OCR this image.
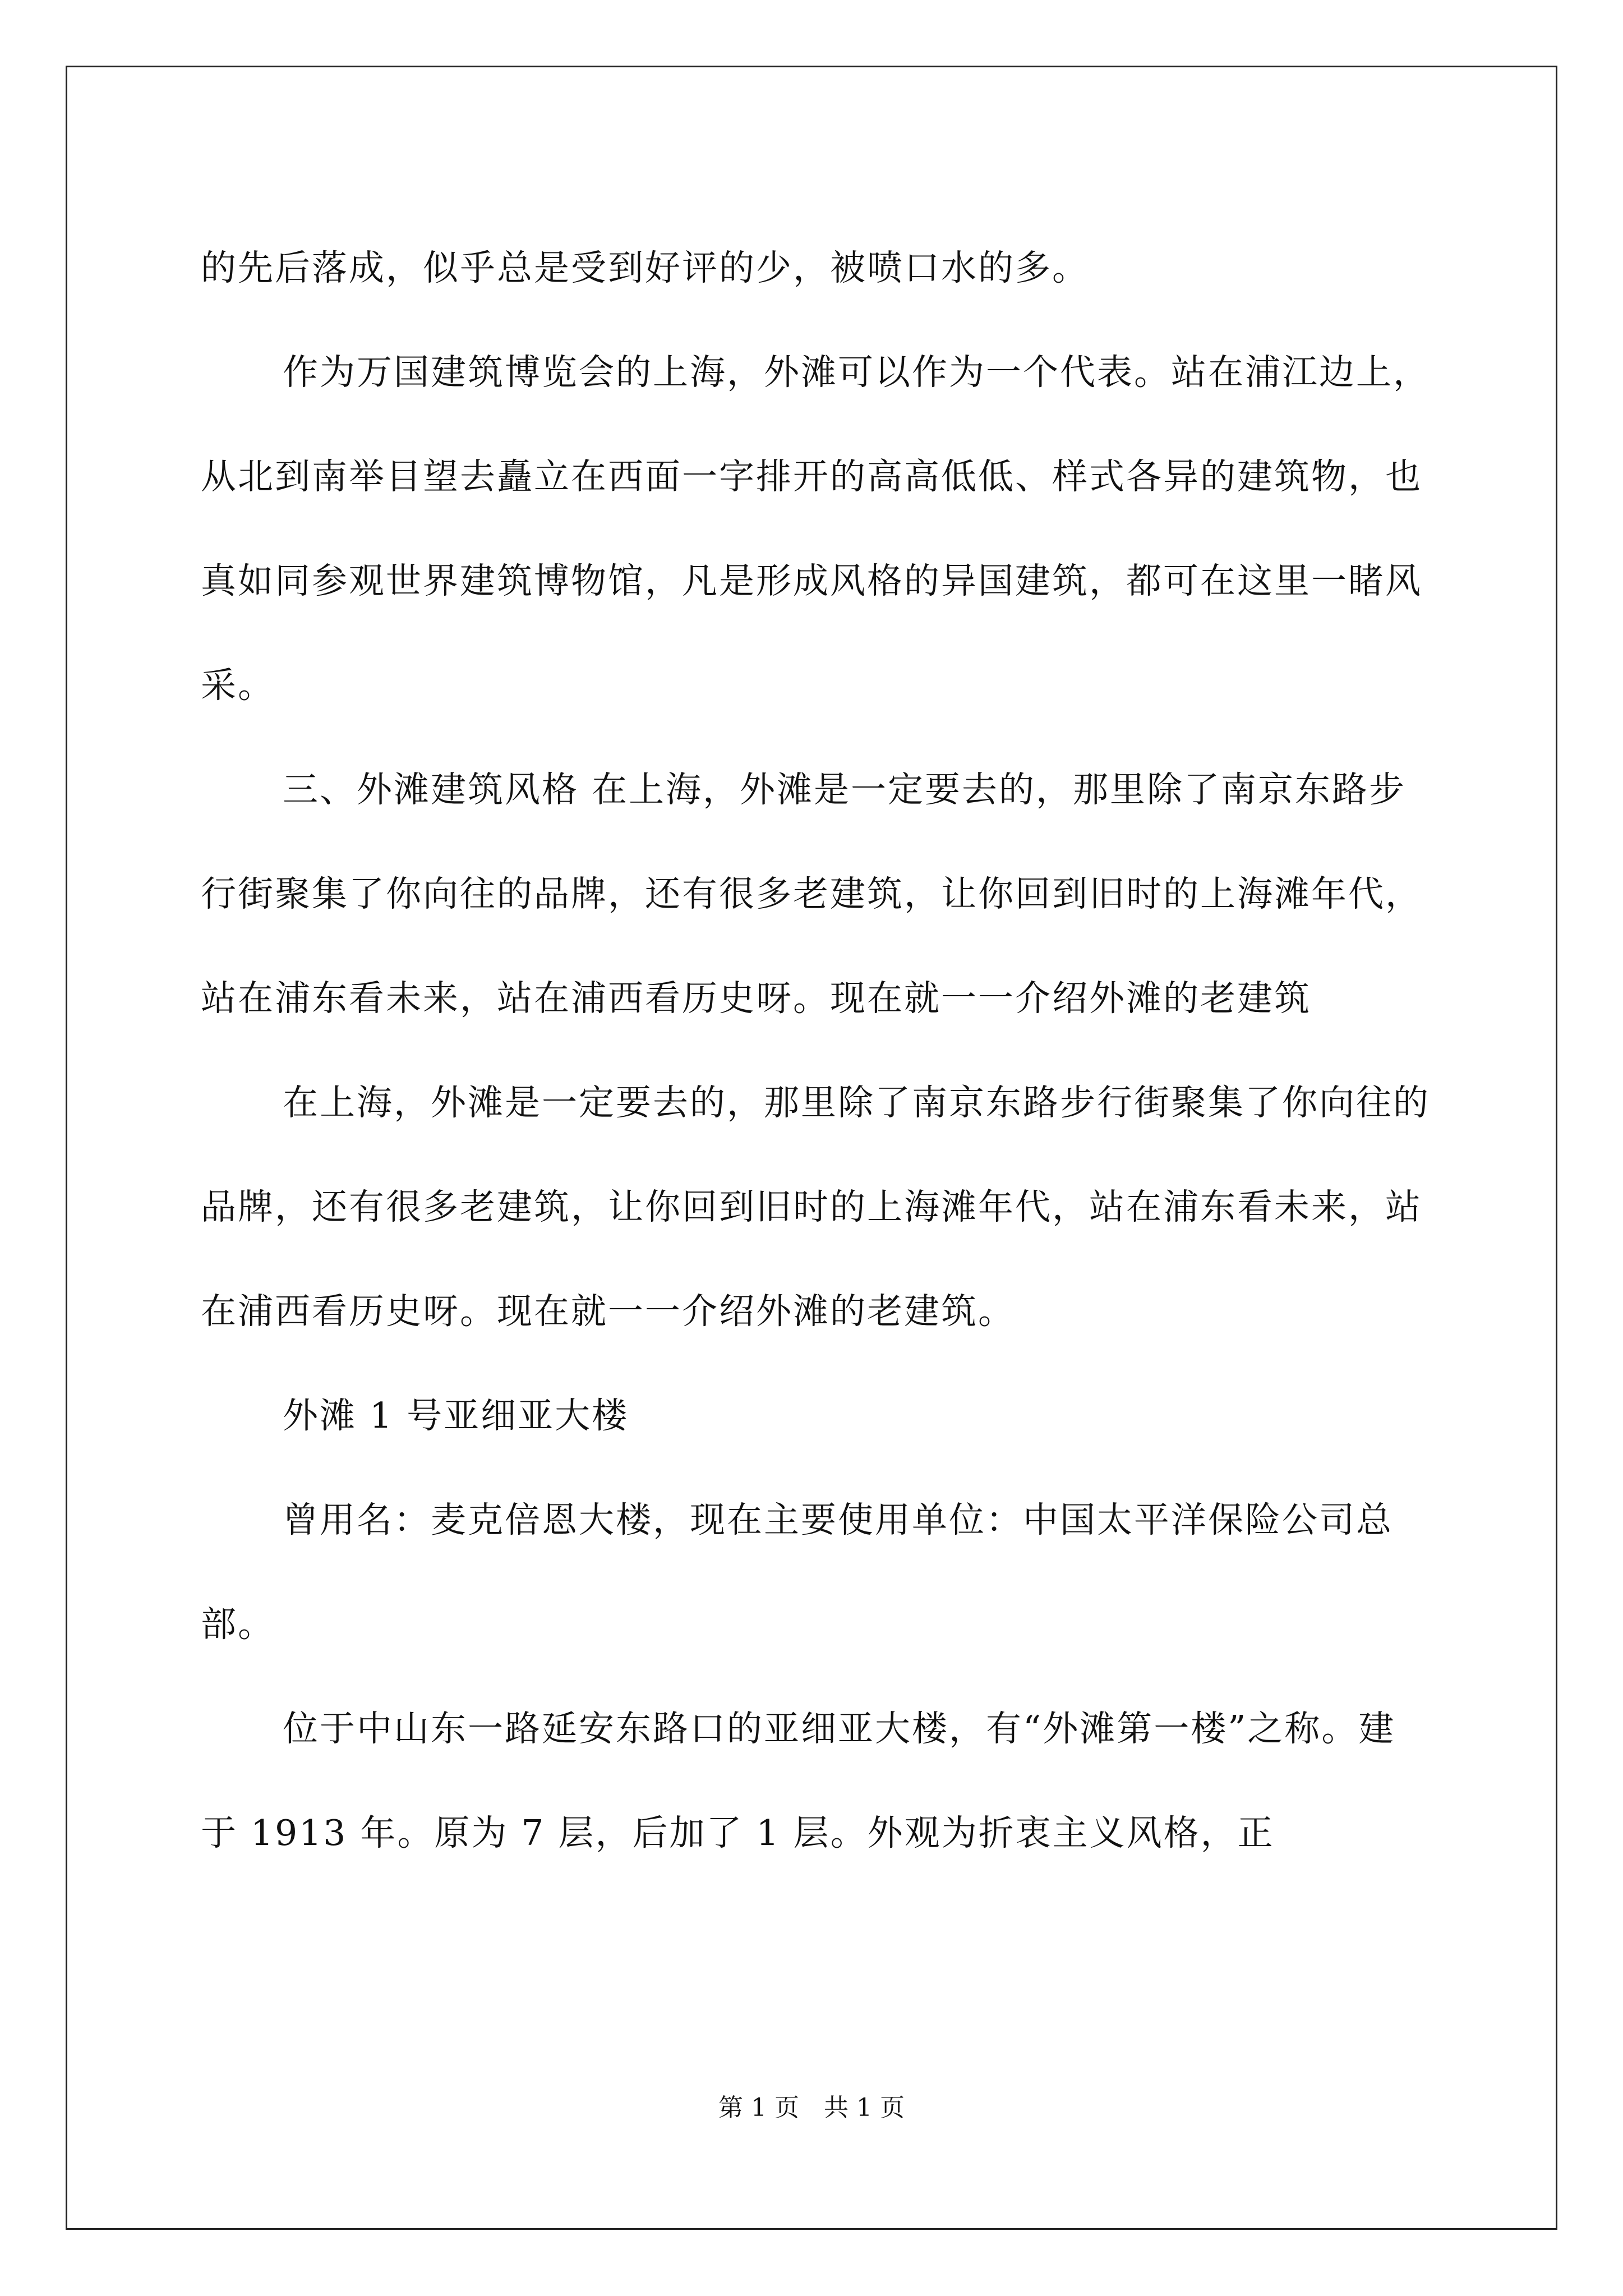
的先后落成，似乎总是受到好评的少，被喷口水的多。

作为万国建筑博览会的上海，外滩可以作为一个代表。站在浦江边上，从北到南举目望去矗立在西面一字排开的高高低低、样式各异的建筑物，也真如同参观世界建筑博物馆，凡是形成风格的异国建筑，都可在这里一睹风采。

三、外滩建筑风格 在上海，外滩是一定要去的，那里除了南京东路步行街聚集了你向往的品牌，还有很多老建筑，让你回到旧时的上海滩年代，站在浦东看未来，站在浦西看历史呀。现在就一一介绍外滩的老建筑

在上海，外滩是一定要去的，那里除了南京东路步行街聚集了你向往的品牌，还有很多老建筑，让你回到旧时的上海滩年代，站在浦东看未来，站在浦西看历史呀。现在就一一介绍外滩的老建筑。

外滩 1 号亚细亚大楼

曾用名：麦克倍恩大楼，现在主要使用单位：中国太平洋保险公司总部。

位于中山东一路延安东路口的亚细亚大楼，有“外滩第一楼”之称。建于 1913 年。原为 7 层，后加了 1 层。外观为折衷主义风格，正

第 1 页　共 1 页
